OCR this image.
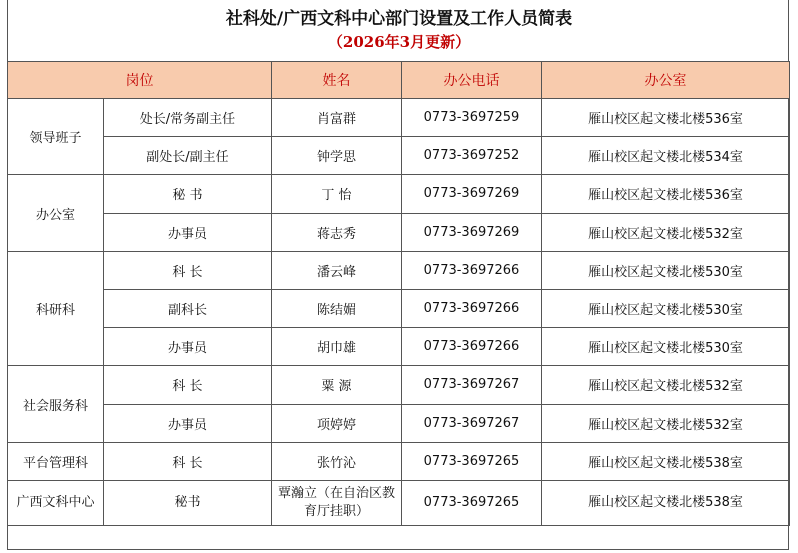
社科处/广西文科中心部门设置及工作人员简表
（2026年3月更新）
岗位		姓名	办公电话	办公室
领导班子	处长/常务副主任	肖富群	0773-3697259	雁山校区起文楼北楼536室
	副处长/副主任	钟学思	0773-3697252	雁山校区起文楼北楼534室
办公室	秘 书	丁 怡	0773-3697269	雁山校区起文楼北楼536室
	办事员	蒋志秀	0773-3697269	雁山校区起文楼北楼532室
科研科	科 长	潘云峰	0773-3697266	雁山校区起文楼北楼530室
	副科长	陈结媚	0773-3697266	雁山校区起文楼北楼530室
	办事员	胡巾雄	0773-3697266	雁山校区起文楼北楼530室
社会服务科	科 长	粟 源	0773-3697267	雁山校区起文楼北楼532室
	办事员	项婷婷	0773-3697267	雁山校区起文楼北楼532室
平台管理科	科 长	张竹沁	0773-3697265	雁山校区起文楼北楼538室
广西文科中心	秘书	覃瀚立（在自治区教育厅挂职）	0773-3697265	雁山校区起文楼北楼538室
